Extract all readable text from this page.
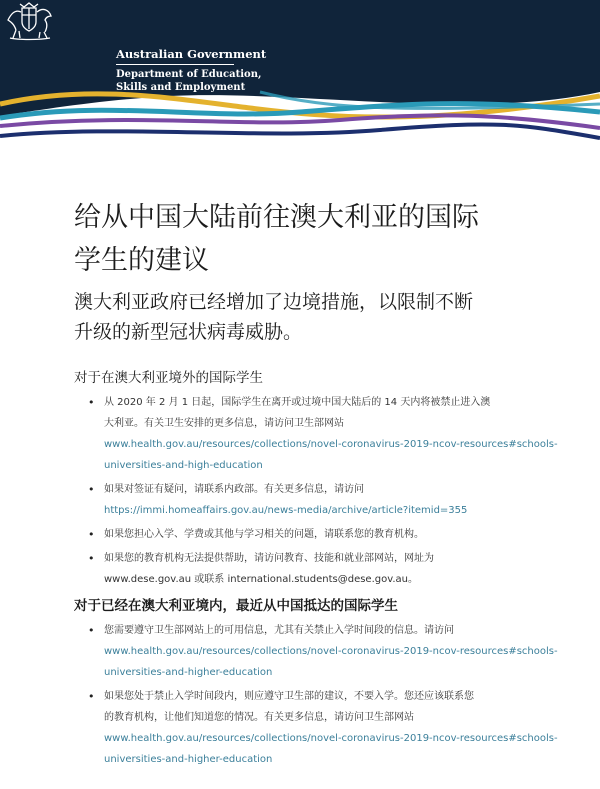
Australian Government
Department of Education,
Skills and Employment
给从中国大陆前往澳大利亚的国际
学生的建议
澳大利亚政府已经增加了边境措施，以限制不断
升级的新型冠状病毒威胁。
对于在澳大利亚境外的国际学生
• 从 2020 年 2 月 1 日起，国际学生在离开或过境中国大陆后的 14 天内将被禁止进入澳
大利亚。有关卫生安排的更多信息，请访问卫生部网站
www.health.gov.au/resources/collections/novel-coronavirus-2019-ncov-resources#schools-
universities-and-high-education
• 如果对签证有疑问，请联系内政部。有关更多信息，请访问
https://immi.homeaffairs.gov.au/news-media/archive/article?itemid=355
• 如果您担心入学、学费或其他与学习相关的问题，请联系您的教育机构。
• 如果您的教育机构无法提供帮助，请访问教育、技能和就业部网站，网址为
www.dese.gov.au 或联系 international.students@dese.gov.au。
对于已经在澳大利亚境内，最近从中国抵达的国际学生
• 您需要遵守卫生部网站上的可用信息，尤其有关禁止入学时间段的信息。请访问
www.health.gov.au/resources/collections/novel-coronavirus-2019-ncov-resources#schools-
universities-and-higher-education
• 如果您处于禁止入学时间段内，则应遵守卫生部的建议，不要入学。您还应该联系您
的教育机构，让他们知道您的情况。有关更多信息，请访问卫生部网站
www.health.gov.au/resources/collections/novel-coronavirus-2019-ncov-resources#schools-
universities-and-higher-education
